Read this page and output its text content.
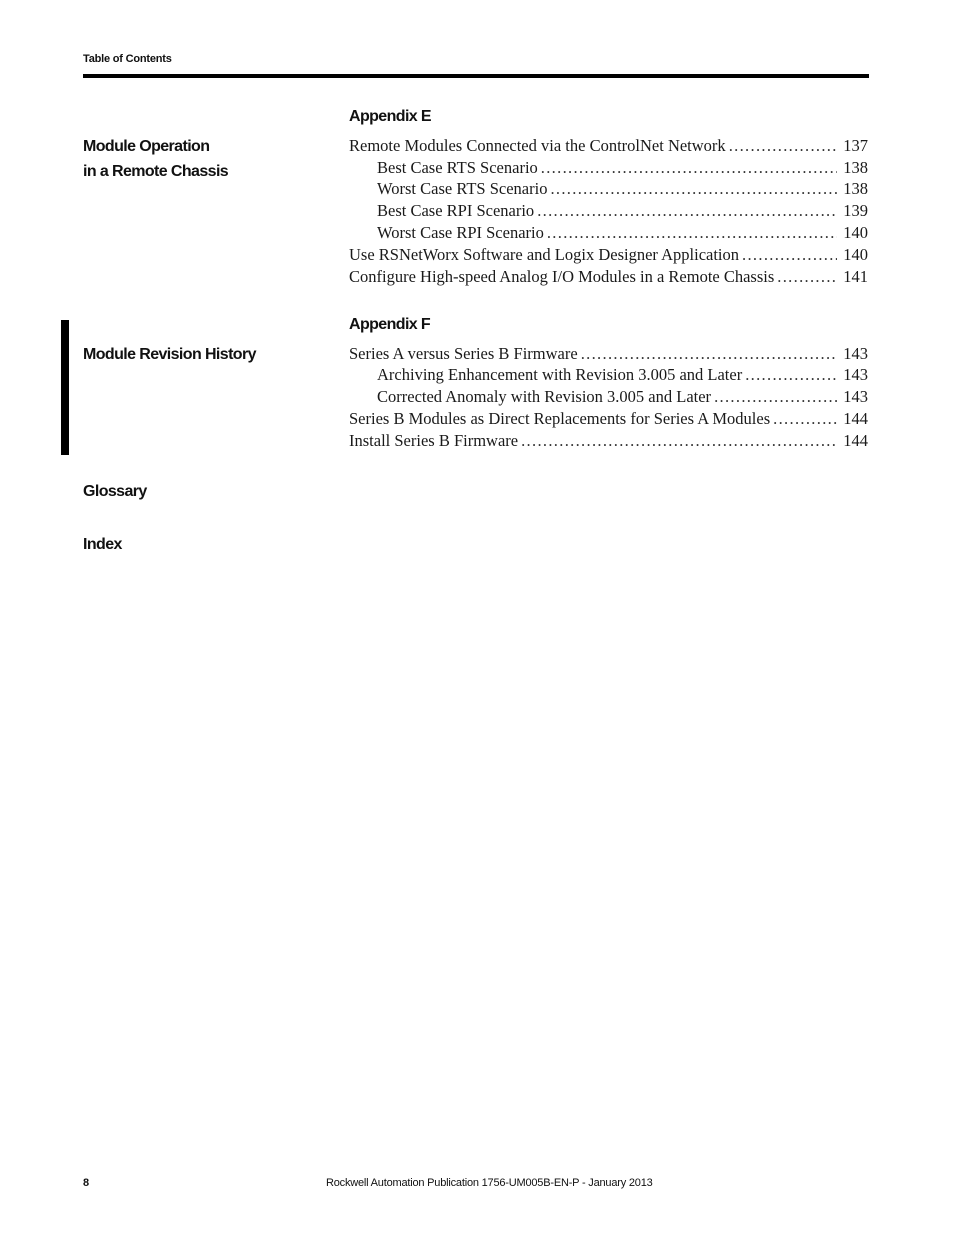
Table of Contents
Appendix E
Module Operation
in a Remote Chassis
Remote Modules Connected via the ControlNet Network . . .	137
Best Case RTS Scenario . . .	138
Worst Case RTS Scenario . . .	138
Best Case RPI Scenario . . .	139
Worst Case RPI Scenario . . .	140
Use RSNetWorx Software and Logix Designer Application . . .	140
Configure High-speed Analog I/O Modules in a Remote Chassis . . .	141
Appendix F
Module Revision History	Series A versus Series B Firmware . . .	143
Archiving Enhancement with Revision 3.005 and Later . . .	143
Corrected Anomaly with Revision 3.005 and Later . . .	143
Series B Modules as Direct Replacements for Series A Modules . . .	144
Install Series B Firmware . . .	144
Glossary
Index
8	Rockwell Automation Publication 1756-UM005B-EN-P - January 2013
